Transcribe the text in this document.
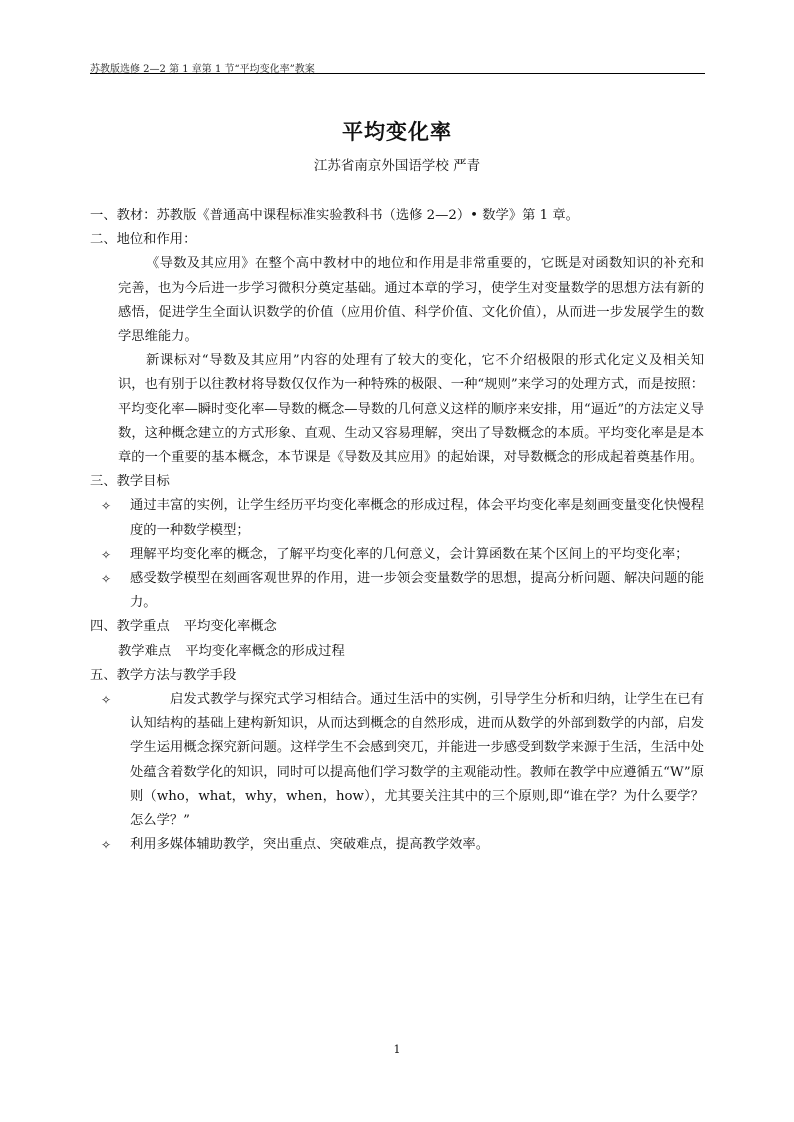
苏教版选修 2—2 第 1 章第 1 节“平均变化率”教案
平均变化率
江苏省南京外国语学校 严青

一、教材：苏教版《普通高中课程标准实验教科书（选修 2—2）• 数学》第 1 章。

二、地位和作用：

《导数及其应用》在整个高中教材中的地位和作用是非常重要的，它既是对函数知识的补充和完善，也为今后进一步学习微积分奠定基础。通过本章的学习，使学生对变量数学的思想方法有新的感悟，促进学生全面认识数学的价值（应用价值、科学价值、文化价值），从而进一步发展学生的数学思维能力。

新课标对“导数及其应用”内容的处理有了较大的变化，它不介绍极限的形式化定义及相关知识，也有别于以往教材将导数仅仅作为一种特殊的极限、一种“规则”来学习的处理方式，而是按照：平均变化率—瞬时变化率—导数的概念—导数的几何意义这样的顺序来安排，用“逼近”的方法定义导数，这种概念建立的方式形象、直观、生动又容易理解，突出了导数概念的本质。平均变化率是是本章的一个重要的基本概念，本节课是《导数及其应用》的起始课，对导数概念的形成起着奠基作用。

三、教学目标

✧ 通过丰富的实例，让学生经历平均变化率概念的形成过程，体会平均变化率是刻画变量变化快慢程度的一种数学模型；
✧ 理解平均变化率的概念，了解平均变化率的几何意义，会计算函数在某个区间上的平均变化率；
✧ 感受数学模型在刻画客观世界的作用，进一步领会变量数学的思想，提高分析问题、解决问题的能力。

四、教学重点 平均变化率概念

教学难点 平均变化率概念的形成过程

五、教学方法与教学手段

✧	启发式教学与探究式学习相结合。通过生活中的实例，引导学生分析和归纳，让学生在已有认知结构的基础上建构新知识，从而达到概念的自然形成，进而从数学的外部到数学的内部，启发学生运用概念探究新问题。这样学生不会感到突兀，并能进一步感受到数学来源于生活，生活中处处蕴含着数学化的知识，同时可以提高他们学习数学的主观能动性。教师在教学中应遵循五“W”原则（who，what，why，when，how），尤其要关注其中的三个原则,即“谁在学？为什么要学？怎么学？”
✧ 利用多媒体辅助教学，突出重点、突破难点，提高教学效率。
1
